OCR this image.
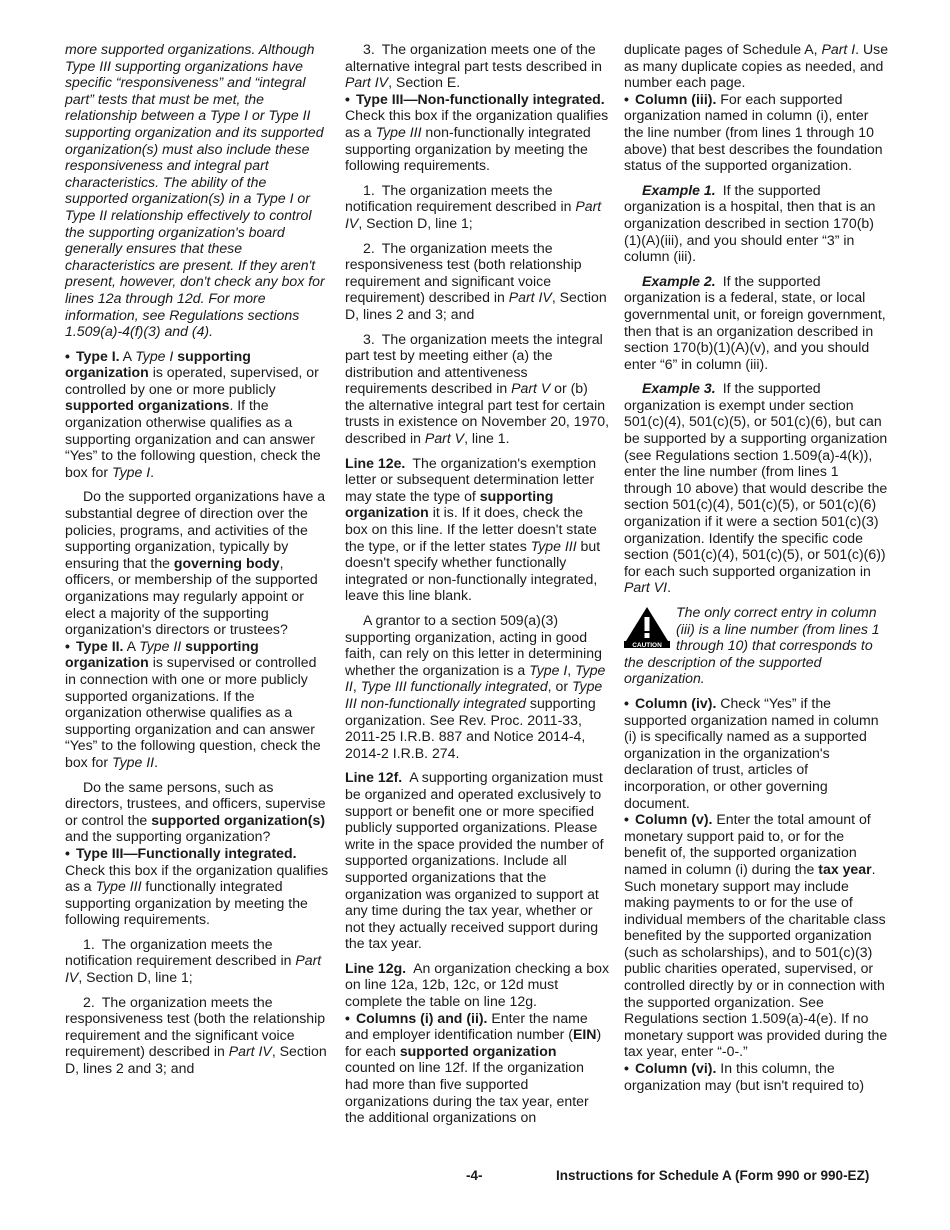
more supported organizations. Although Type III supporting organizations have specific “responsiveness” and “integral part” tests that must be met, the relationship between a Type I or Type II supporting organization and its supported organization(s) must also include these responsiveness and integral part characteristics. The ability of the supported organization(s) in a Type I or Type II relationship effectively to control the supporting organization's board generally ensures that these characteristics are present. If they aren't present, however, don't check any box for lines 12a through 12d. For more information, see Regulations sections 1.509(a)-4(f)(3) and (4).

• Type I. A Type I supporting organization is operated, supervised, or controlled by one or more publicly supported organizations. If the organization otherwise qualifies as a supporting organization and can answer “Yes” to the following question, check the box for Type I.

Do the supported organizations have a substantial degree of direction over the policies, programs, and activities of the supporting organization, typically by ensuring that the governing body, officers, or membership of the supported organizations may regularly appoint or elect a majority of the supporting organization's directors or trustees?

• Type II. A Type II supporting organization is supervised or controlled in connection with one or more publicly supported organizations. If the organization otherwise qualifies as a supporting organization and can answer “Yes” to the following question, check the box for Type II.

Do the same persons, such as directors, trustees, and officers, supervise or control the supported organization(s) and the supporting organization?

• Type III—Functionally integrated. Check this box if the organization qualifies as a Type III functionally integrated supporting organization by meeting the following requirements.

1. The organization meets the notification requirement described in Part IV, Section D, line 1;

2. The organization meets the responsiveness test (both the relationship requirement and the significant voice requirement) described in Part IV, Section D, lines 2 and 3; and

3. The organization meets one of the alternative integral part tests described in Part IV, Section E.

• Type III—Non-functionally integrated. Check this box if the organization qualifies as a Type III non-functionally integrated supporting organization by meeting the following requirements.

1. The organization meets the notification requirement described in Part IV, Section D, line 1;

2. The organization meets the responsiveness test (both relationship requirement and significant voice requirement) described in Part IV, Section D, lines 2 and 3; and

3. The organization meets the integral part test by meeting either (a) the distribution and attentiveness requirements described in Part V or (b) the alternative integral part test for certain trusts in existence on November 20, 1970, described in Part V, line 1.

Line 12e. The organization's exemption letter or subsequent determination letter may state the type of supporting organization it is. If it does, check the box on this line. If the letter doesn't state the type, or if the letter states Type III but doesn't specify whether functionally integrated or non-functionally integrated, leave this line blank.

A grantor to a section 509(a)(3) supporting organization, acting in good faith, can rely on this letter in determining whether the organization is a Type I, Type II, Type III functionally integrated, or Type III non-functionally integrated supporting organization. See Rev. Proc. 2011-33, 2011-25 I.R.B. 887 and Notice 2014-4, 2014-2 I.R.B. 274.

Line 12f. A supporting organization must be organized and operated exclusively to support or benefit one or more specified publicly supported organizations. Please write in the space provided the number of supported organizations. Include all supported organizations that the organization was organized to support at any time during the tax year, whether or not they actually received support during the tax year.

Line 12g. An organization checking a box on line 12a, 12b, 12c, or 12d must complete the table on line 12g.

• Columns (i) and (ii). Enter the name and employer identification number (EIN) for each supported organization counted on line 12f. If the organization had more than five supported organizations during the tax year, enter the additional organizations on

duplicate pages of Schedule A, Part I. Use as many duplicate copies as needed, and number each page.

• Column (iii). For each supported organization named in column (i), enter the line number (from lines 1 through 10 above) that best describes the foundation status of the supported organization.

Example 1. If the supported organization is a hospital, then that is an organization described in section 170(b)(1)(A)(iii), and you should enter “3” in column (iii).

Example 2. If the supported organization is a federal, state, or local governmental unit, or foreign government, then that is an organization described in section 170(b)(1)(A)(v), and you should enter “6” in column (iii).

Example 3. If the supported organization is exempt under section 501(c)(4), 501(c)(5), or 501(c)(6), but can be supported by a supporting organization (see Regulations section 1.509(a)-4(k)), enter the line number (from lines 1 through 10 above) that would describe the section 501(c)(4), 501(c)(5), or 501(c)(6) organization if it were a section 501(c)(3) organization. Identify the specific code section (501(c)(4), 501(c)(5), or 501(c)(6)) for each such supported organization in Part VI.

CAUTION
The only correct entry in column (iii) is a line number (from lines 1 through 10) that corresponds to the description of the supported organization.

• Column (iv). Check “Yes” if the supported organization named in column (i) is specifically named as a supported organization in the organization's declaration of trust, articles of incorporation, or other governing document.

• Column (v). Enter the total amount of monetary support paid to, or for the benefit of, the supported organization named in column (i) during the tax year. Such monetary support may include making payments to or for the use of individual members of the charitable class benefited by the supported organization (such as scholarships), and to 501(c)(3) public charities operated, supervised, or controlled directly by or in connection with the supported organization. See Regulations section 1.509(a)-4(e). If no monetary support was provided during the tax year, enter “-0-.”

• Column (vi). In this column, the organization may (but isn't required to)

-4-	Instructions for Schedule A (Form 990 or 990-EZ)
